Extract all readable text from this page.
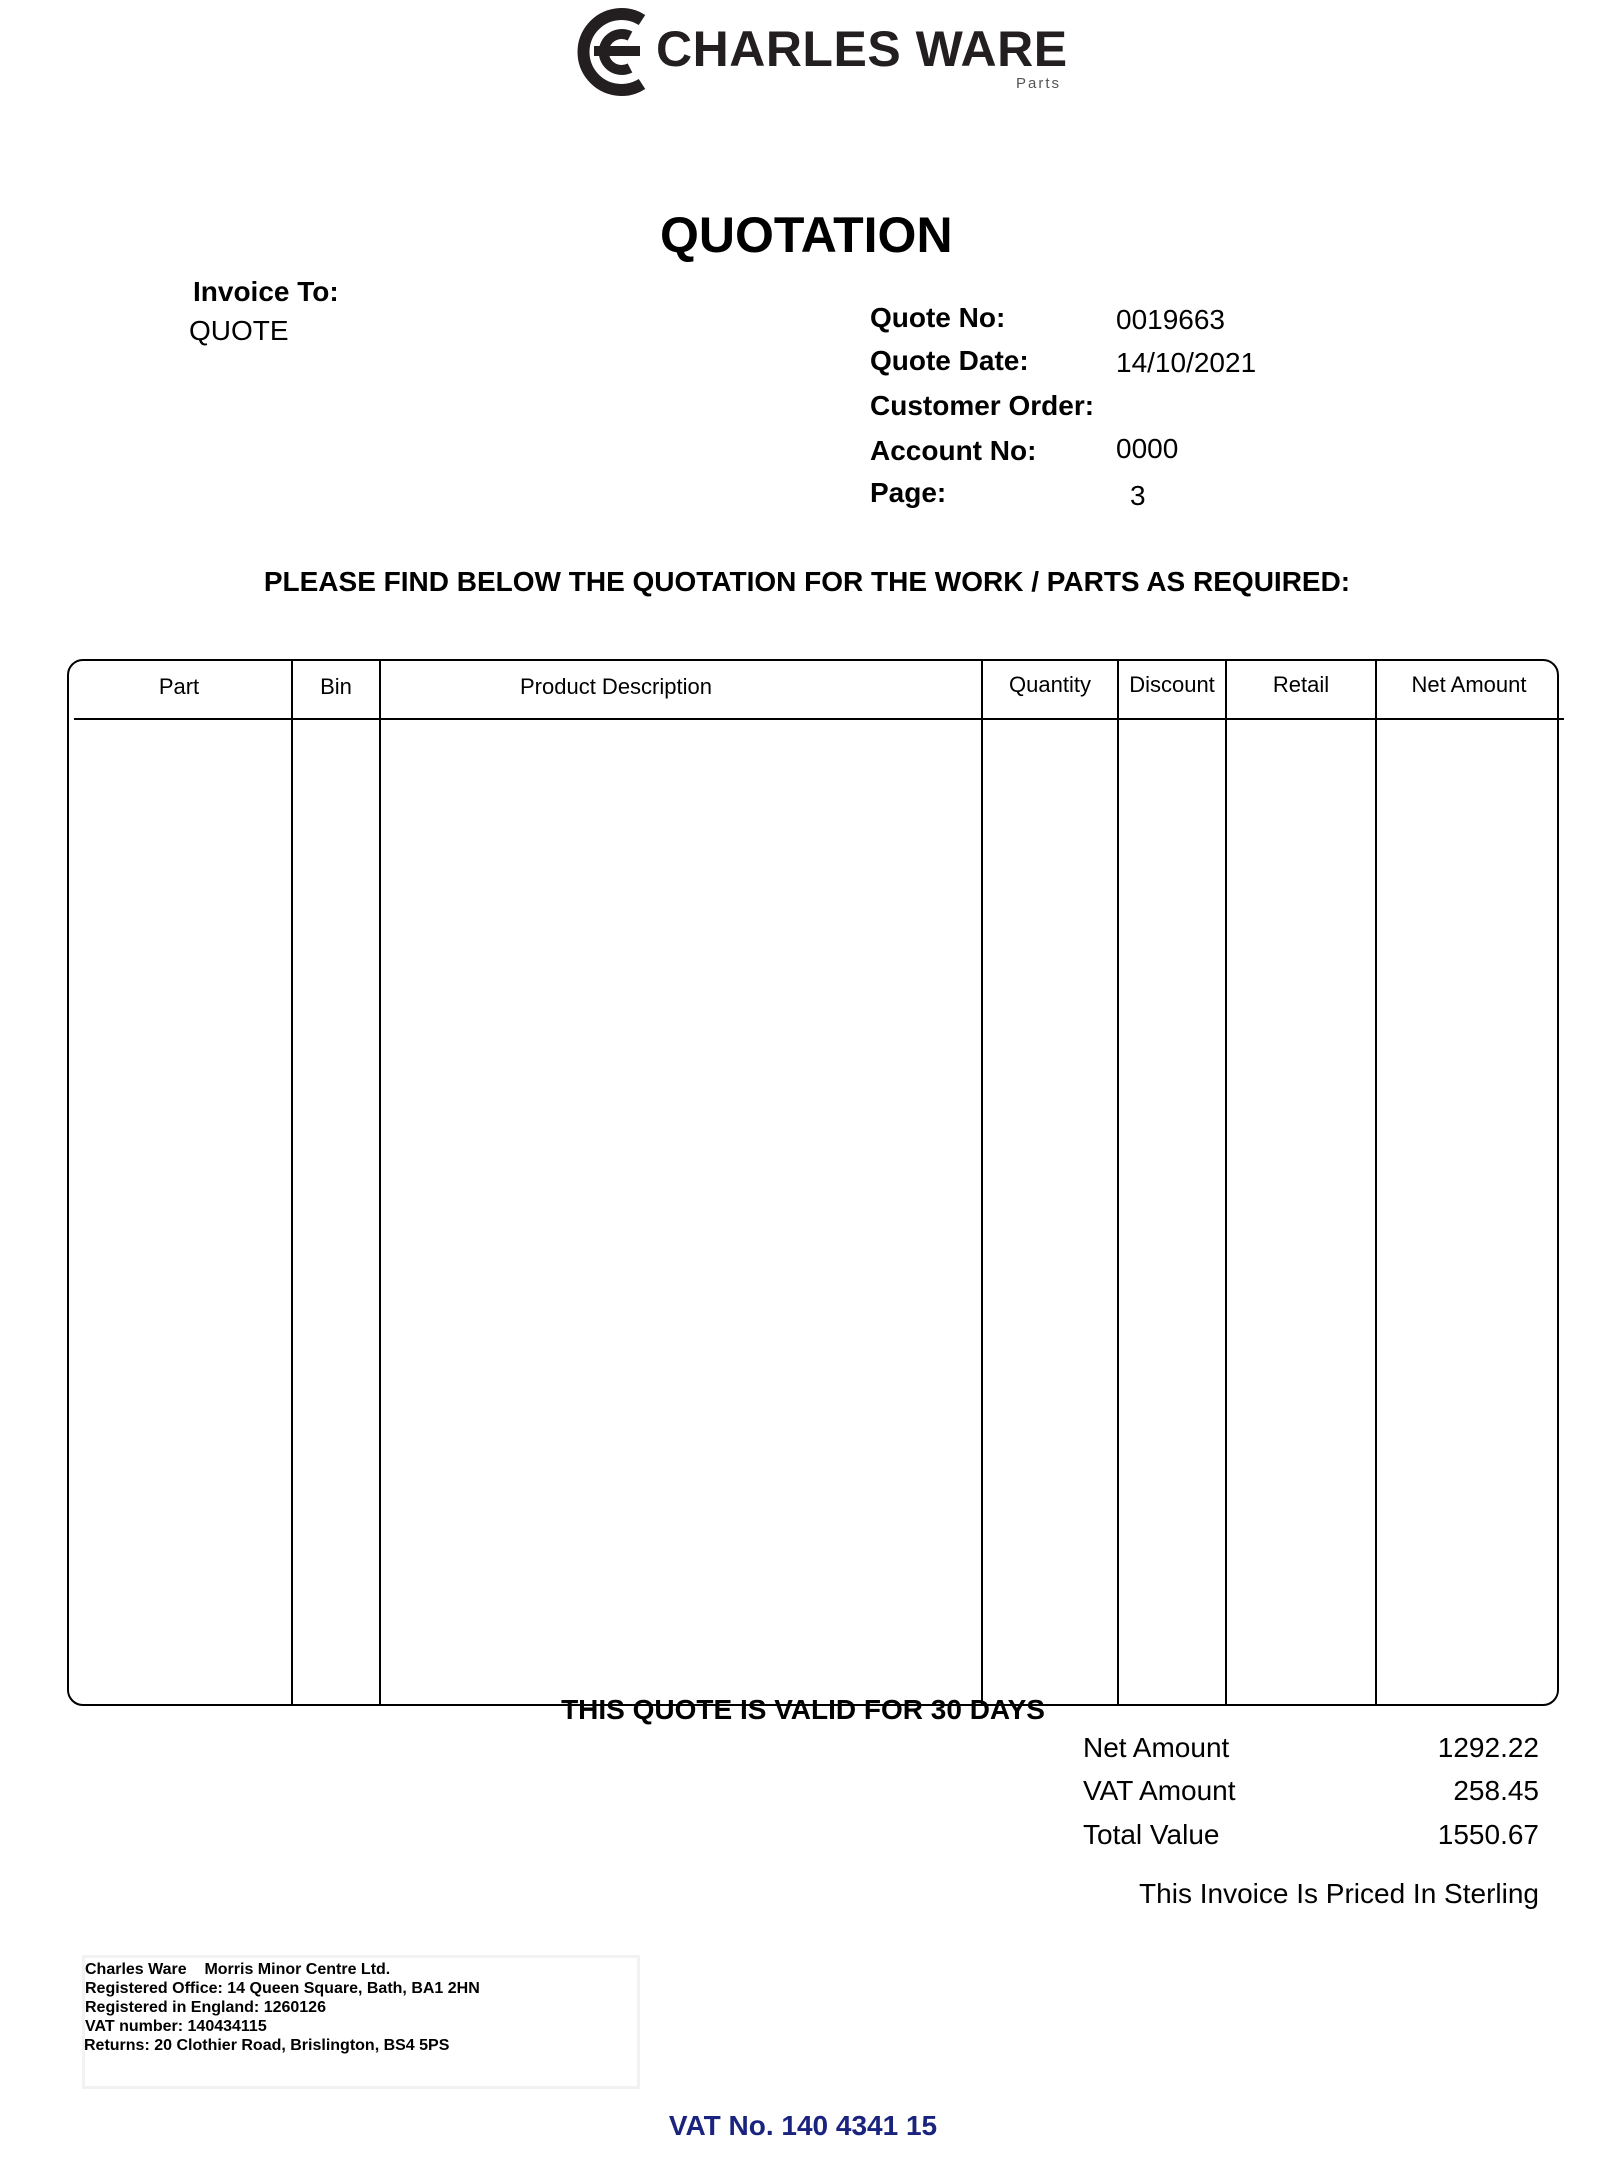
CHARLES WARE
Parts
QUOTATION
Invoice To:
QUOTE	Quote No:	0019663
Quote Date:	14/10/2021
Customer Order:
Account No:	0000
Page:	3
PLEASE FIND BELOW THE QUOTATION FOR THE WORK / PARTS AS REQUIRED:
Part	Bin	Product Description	Quantity	Discount	Retail	Net Amount
THIS QUOTE IS VALID FOR 30 DAYS
Net Amount	1292.22
VAT Amount	258.45
Total Value	1550.67
This Invoice Is Priced In Sterling
Charles Ware    Morris Minor Centre Ltd.
Registered Office: 14 Queen Square, Bath, BA1 2HN
Registered in England: 1260126
VAT number: 140434115
Returns: 20 Clothier Road, Brislington, BS4 5PS
VAT No. 140 4341 15
